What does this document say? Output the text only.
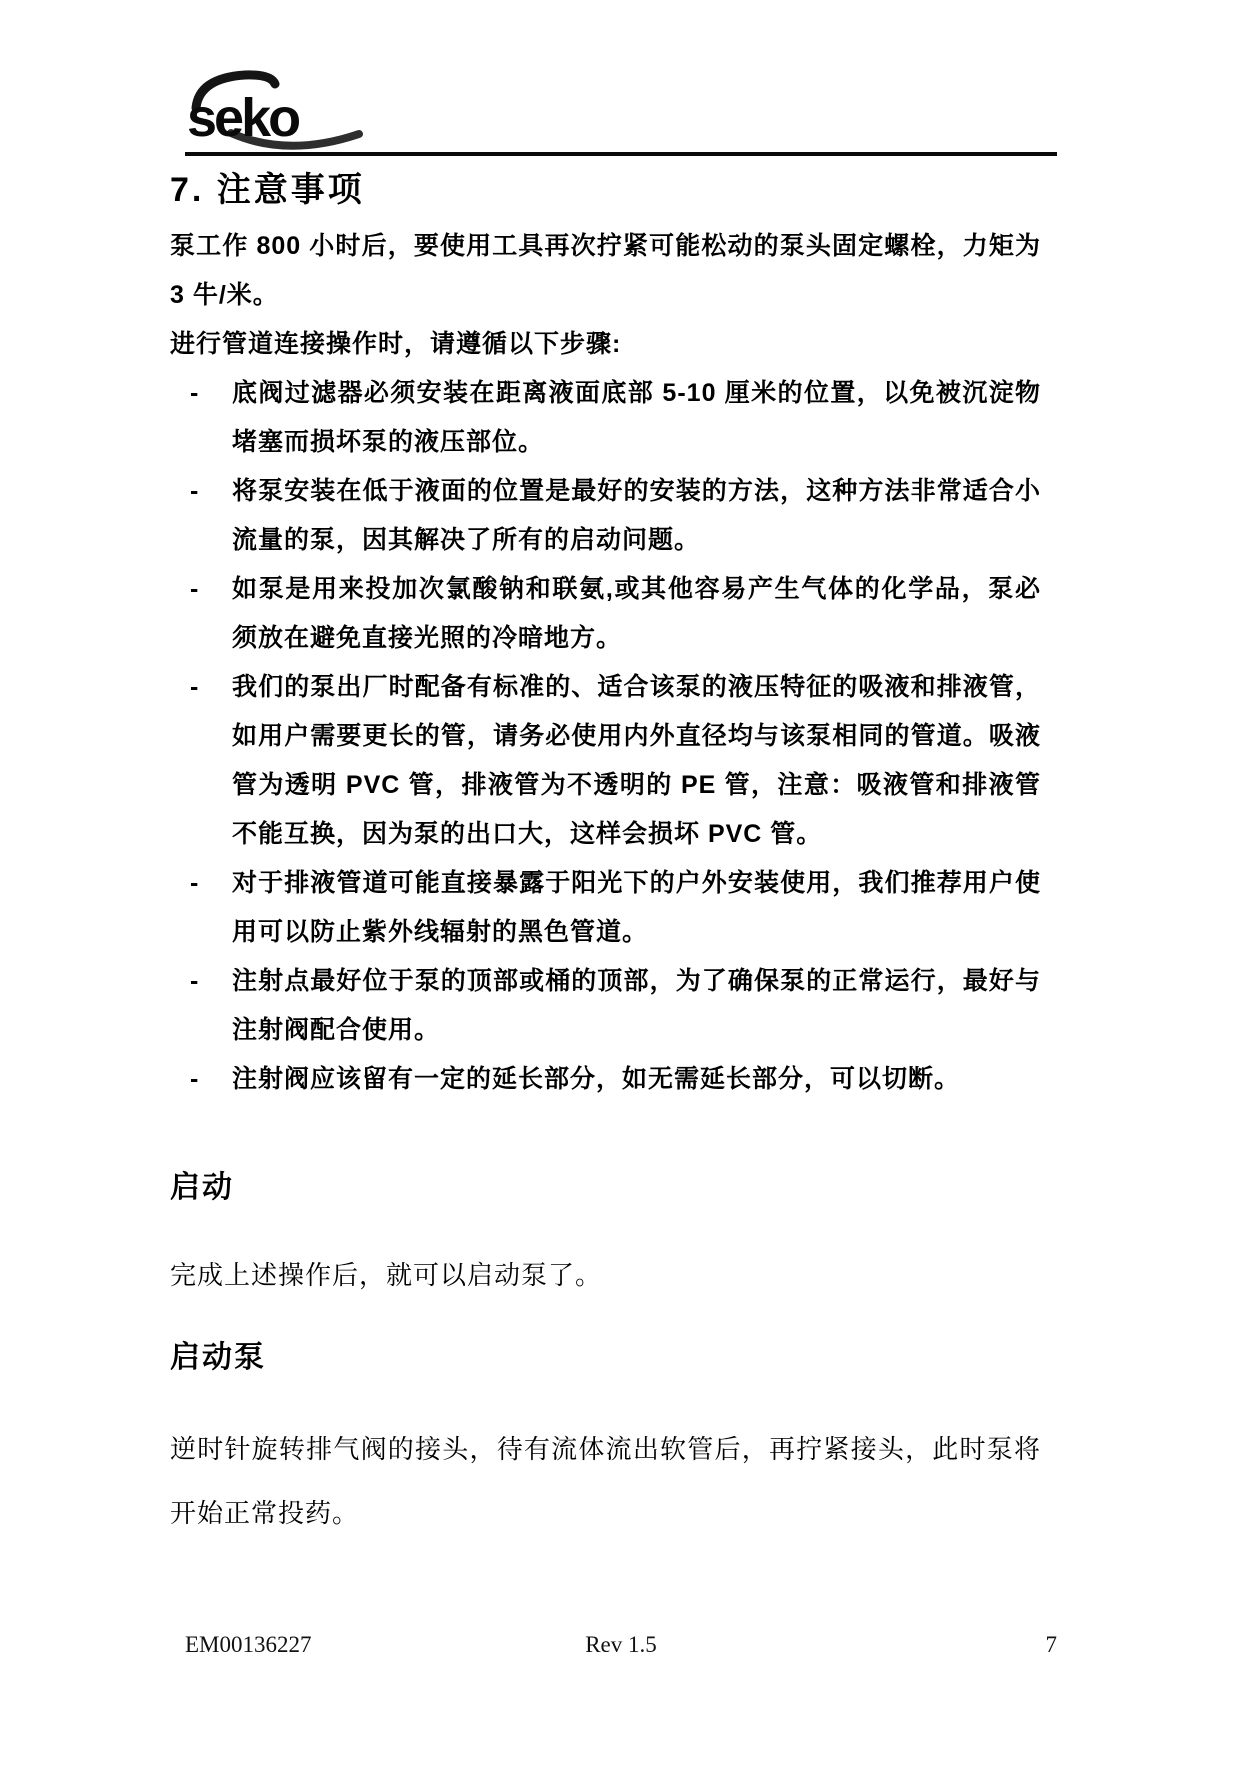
seko
7. 注意事项

泵工作 800 小时后，要使用工具再次拧紧可能松动的泵头固定螺栓，力矩为 3 牛/米。

进行管道连接操作时，请遵循以下步骤:

-	底阀过滤器必须安装在距离液面底部 5-10 厘米的位置，以免被沉淀物堵塞而损坏泵的液压部位。
-	将泵安装在低于液面的位置是最好的安装的方法，这种方法非常适合小流量的泵，因其解决了所有的启动问题。
-	如泵是用来投加次氯酸钠和联氨,或其他容易产生气体的化学品，泵必须放在避免直接光照的冷暗地方。
-	我们的泵出厂时配备有标准的、适合该泵的液压特征的吸液和排液管，如用户需要更长的管，请务必使用内外直径均与该泵相同的管道。吸液管为透明 PVC 管，排液管为不透明的 PE 管，注意：吸液管和排液管不能互换，因为泵的出口大，这样会损坏 PVC 管。
-	对于排液管道可能直接暴露于阳光下的户外安装使用，我们推荐用户使用可以防止紫外线辐射的黑色管道。
-	注射点最好位于泵的顶部或桶的顶部，为了确保泵的正常运行，最好与注射阀配合使用。
-	注射阀应该留有一定的延长部分，如无需延长部分，可以切断。
启动

完成上述操作后，就可以启动泵了。

启动泵

逆时针旋转排气阀的接头，待有流体流出软管后，再拧紧接头，此时泵将开始正常投药。

EM00136227	Rev 1.5	7
